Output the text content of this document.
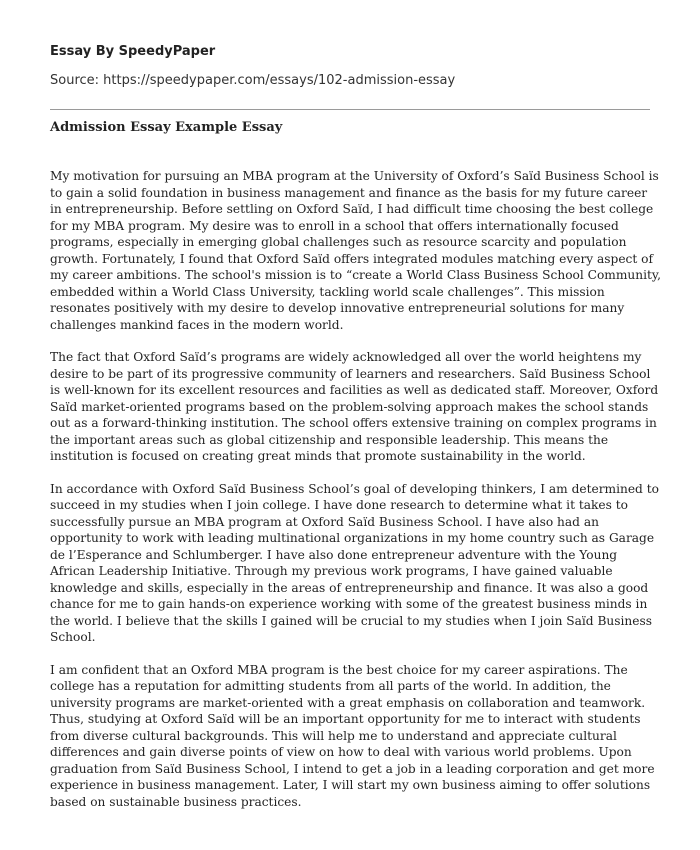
Essay By SpeedyPaper
Source: https://speedypaper.com/essays/102-admission-essay
Admission Essay Example Essay

My motivation for pursuing an MBA program at the University of Oxford’s Saïd Business School is to gain a solid foundation in business management and finance as the basis for my future career in entrepreneurship. Before settling on Oxford Saïd, I had difficult time choosing the best college for my MBA program. My desire was to enroll in a school that offers internationally focused programs, especially in emerging global challenges such as resource scarcity and population growth. Fortunately, I found that Oxford Saïd offers integrated modules matching every aspect of my career ambitions. The school's mission is to “create a World Class Business School Community, embedded within a World Class University, tackling world scale challenges”. This mission resonates positively with my desire to develop innovative entrepreneurial solutions for many challenges mankind faces in the modern world.

The fact that Oxford Saïd’s programs are widely acknowledged all over the world heightens my desire to be part of its progressive community of learners and researchers. Saïd Business School is well-known for its excellent resources and facilities as well as dedicated staff. Moreover, Oxford Saïd market-oriented programs based on the problem-solving approach makes the school stands out as a forward-thinking institution. The school offers extensive training on complex programs in the important areas such as global citizenship and responsible leadership. This means the institution is focused on creating great minds that promote sustainability in the world.

In accordance with Oxford Saïd Business School’s goal of developing thinkers, I am determined to succeed in my studies when I join college. I have done research to determine what it takes to successfully pursue an MBA program at Oxford Saïd Business School. I have also had an opportunity to work with leading multinational organizations in my home country such as Garage de l’Esperance and Schlumberger. I have also done entrepreneur adventure with the Young African Leadership Initiative. Through my previous work programs, I have gained valuable knowledge and skills, especially in the areas of entrepreneurship and finance. It was also a good chance for me to gain hands-on experience working with some of the greatest business minds in the world. I believe that the skills I gained will be crucial to my studies when I join Saïd Business School.

I am confident that an Oxford MBA program is the best choice for my career aspirations. The college has a reputation for admitting students from all parts of the world. In addition, the university programs are market-oriented with a great emphasis on collaboration and teamwork. Thus, studying at Oxford Saïd will be an important opportunity for me to interact with students from diverse cultural backgrounds. This will help me to understand and appreciate cultural differences and gain diverse points of view on how to deal with various world problems. Upon graduation from Saïd Business School, I intend to get a job in a leading corporation and get more experience in business management. Later, I will start my own business aiming to offer solutions based on sustainable business practices.
